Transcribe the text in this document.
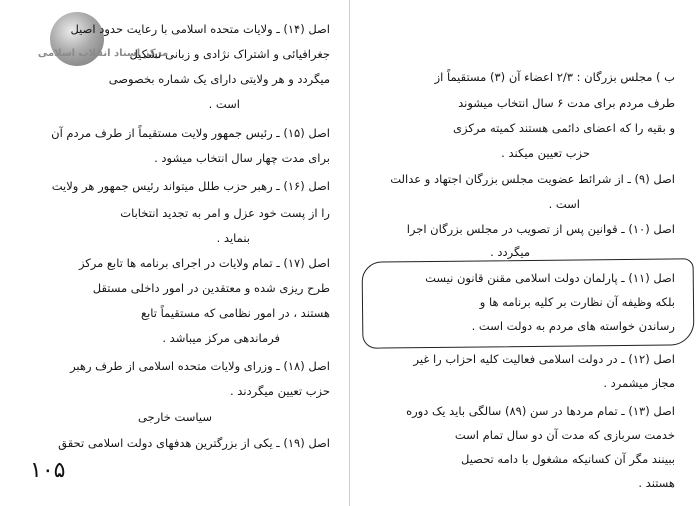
مرکز اسناد انقلاب اسلامی
اصل (۱۴) ـ ولایات متحده اسلامی با رعایت حدود اصیل
جغرافیائی و اشتراک نژادی و زبانی تشکیل
میگردد و هر ولایتی دارای یک شماره بخصوصی
است .
اصل (۱۵) ـ رئیس جمهور ولایت مستقیماً از طرف مردم آن
برای مدت چهار سال انتخاب میشود .
اصل (۱۶) ـ رهبر حزب طلل میتواند رئیس جمهور هر ولایت
را از پست خود عزل و امر به تجدید انتخابات
بنماید .
اصل (۱۷) ـ تمام ولایات در اجرای برنامه ها تابع مرکز
طرح ریزی شده و معتقدین در امور داخلی مستقل
هستند ، در امور نظامی که مستقیماً تابع
فرماندهی مرکز میباشد .
اصل (۱۸) ـ وزرای ولایات متحده اسلامی از طرف رهبر
حزب تعیین میگردند .
سیاست خارجی
اصل (۱۹) ـ یکی از بزرگترین هدفهای دولت اسلامی تحقق
۱۰۵
ب ) مجلس بزرگان : ۲/۳ اعضاء آن (۳) مستقیماً از
طرف مردم برای مدت ۶ سال انتخاب میشوند
و بقیه را که اعضای دائمی هستند کمیته مرکزی
حزب تعیین میکند .
اصل (۹) ـ از شرائط عضویت مجلس بزرگان اجتهاد و عدالت
است .
اصل (۱۰) ـ قوانین پس از تصویب در مجلس بزرگان اجرا
میگردد .
اصل (۱۱) ـ پارلمان دولت اسلامی مقنن قانون نیست
بلکه وظیفه آن نظارت بر کلیه برنامه ها و
رساندن خواسته های مردم به دولت است .
اصل (۱۲) ـ در دولت اسلامی فعالیت کلیه احزاب را غیر
مجاز میشمرد .
اصل (۱۳) ـ تمام مردها در سن (۸۹) سالگی باید یک دوره
خدمت سربازی که مدت آن دو سال تمام است
ببینند مگر آن کسانیکه مشغول با دامه تحصیل
هستند .
